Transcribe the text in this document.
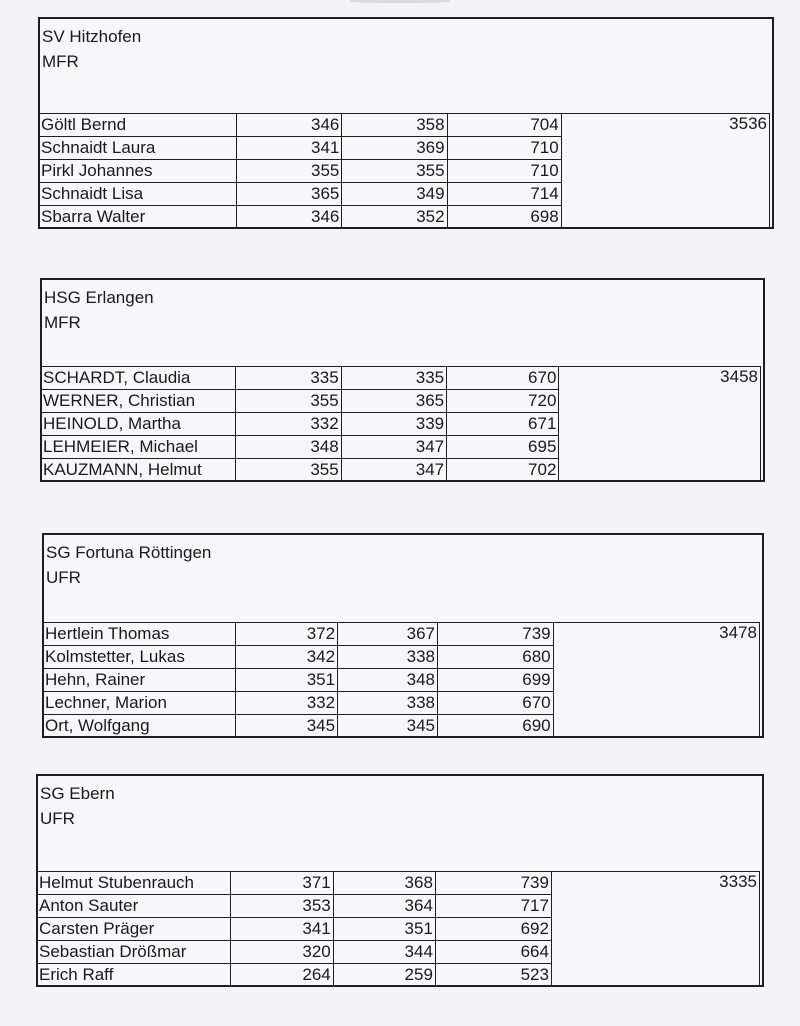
SV Hitzhofen
MFR
Göltl Bernd	346	358	704	3536
Schnaidt Laura	341	369	710	
Pirkl Johannes	355	355	710	
Schnaidt Lisa	365	349	714	
Sbarra Walter	346	352	698	
HSG Erlangen
MFR
SCHARDT, Claudia	335	335	670	3458
WERNER, Christian	355	365	720	
HEINOLD, Martha	332	339	671	
LEHMEIER, Michael	348	347	695	
KAUZMANN, Helmut	355	347	702	
SG Fortuna Röttingen
UFR
Hertlein Thomas	372	367	739	3478
Kolmstetter, Lukas	342	338	680	
Hehn, Rainer	351	348	699	
Lechner, Marion	332	338	670	
Ort, Wolfgang	345	345	690	
SG Ebern
UFR
Helmut Stubenrauch	371	368	739	3335
Anton Sauter	353	364	717	
Carsten Präger	341	351	692	
Sebastian Drößmar	320	344	664	
Erich Raff	264	259	523	
